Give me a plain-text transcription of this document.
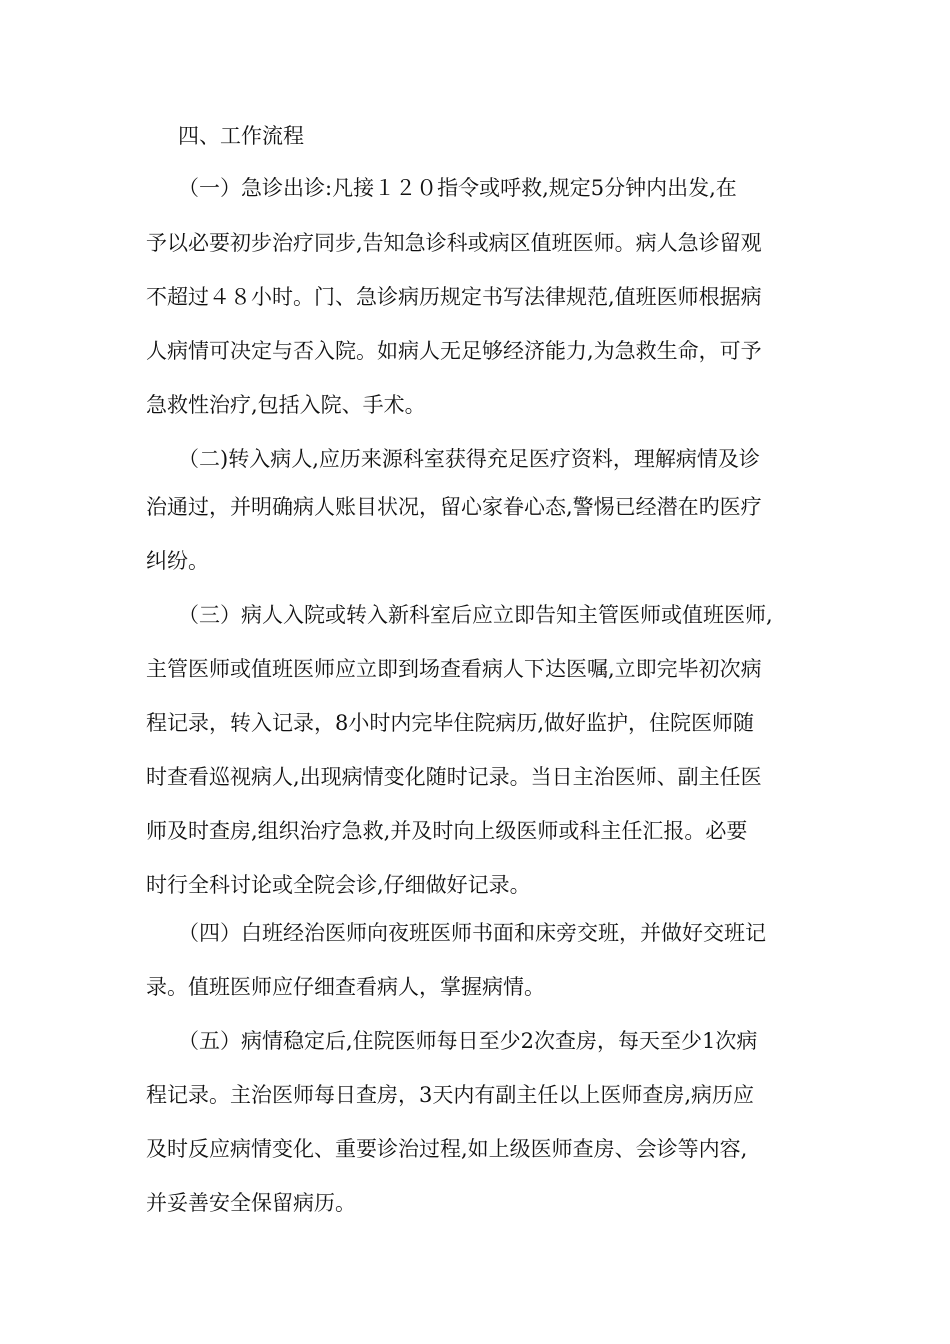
四、工作流程
（一）急诊出诊:凡接１２０指令或呼救,规定5分钟内出发,在
予以必要初步治疗同步,告知急诊科或病区值班医师。病人急诊留观
不超过４８小时。门、急诊病历规定书写法律规范,值班医师根据病
人病情可决定与否入院。如病人无足够经济能力,为急救生命，可予
急救性治疗,包括入院、手术。
（二)转入病人,应历来源科室获得充足医疗资料，理解病情及诊
治通过，并明确病人账目状况，留心家眷心态,警惕已经潜在旳医疗
纠纷。
（三）病人入院或转入新科室后应立即告知主管医师或值班医师,
主管医师或值班医师应立即到场查看病人下达医嘱,立即完毕初次病
程记录，转入记录，8小时内完毕住院病历,做好监护，住院医师随
时查看巡视病人,出现病情变化随时记录。当日主治医师、副主任医
师及时查房,组织治疗急救,并及时向上级医师或科主任汇报。必要
时行全科讨论或全院会诊,仔细做好记录。
（四）白班经治医师向夜班医师书面和床旁交班，并做好交班记
录。值班医师应仔细查看病人，掌握病情。
（五）病情稳定后,住院医师每日至少2次查房，每天至少1次病
程记录。主治医师每日查房，3天内有副主任以上医师查房,病历应
及时反应病情变化、重要诊治过程,如上级医师查房、会诊等内容,
并妥善安全保留病历。
